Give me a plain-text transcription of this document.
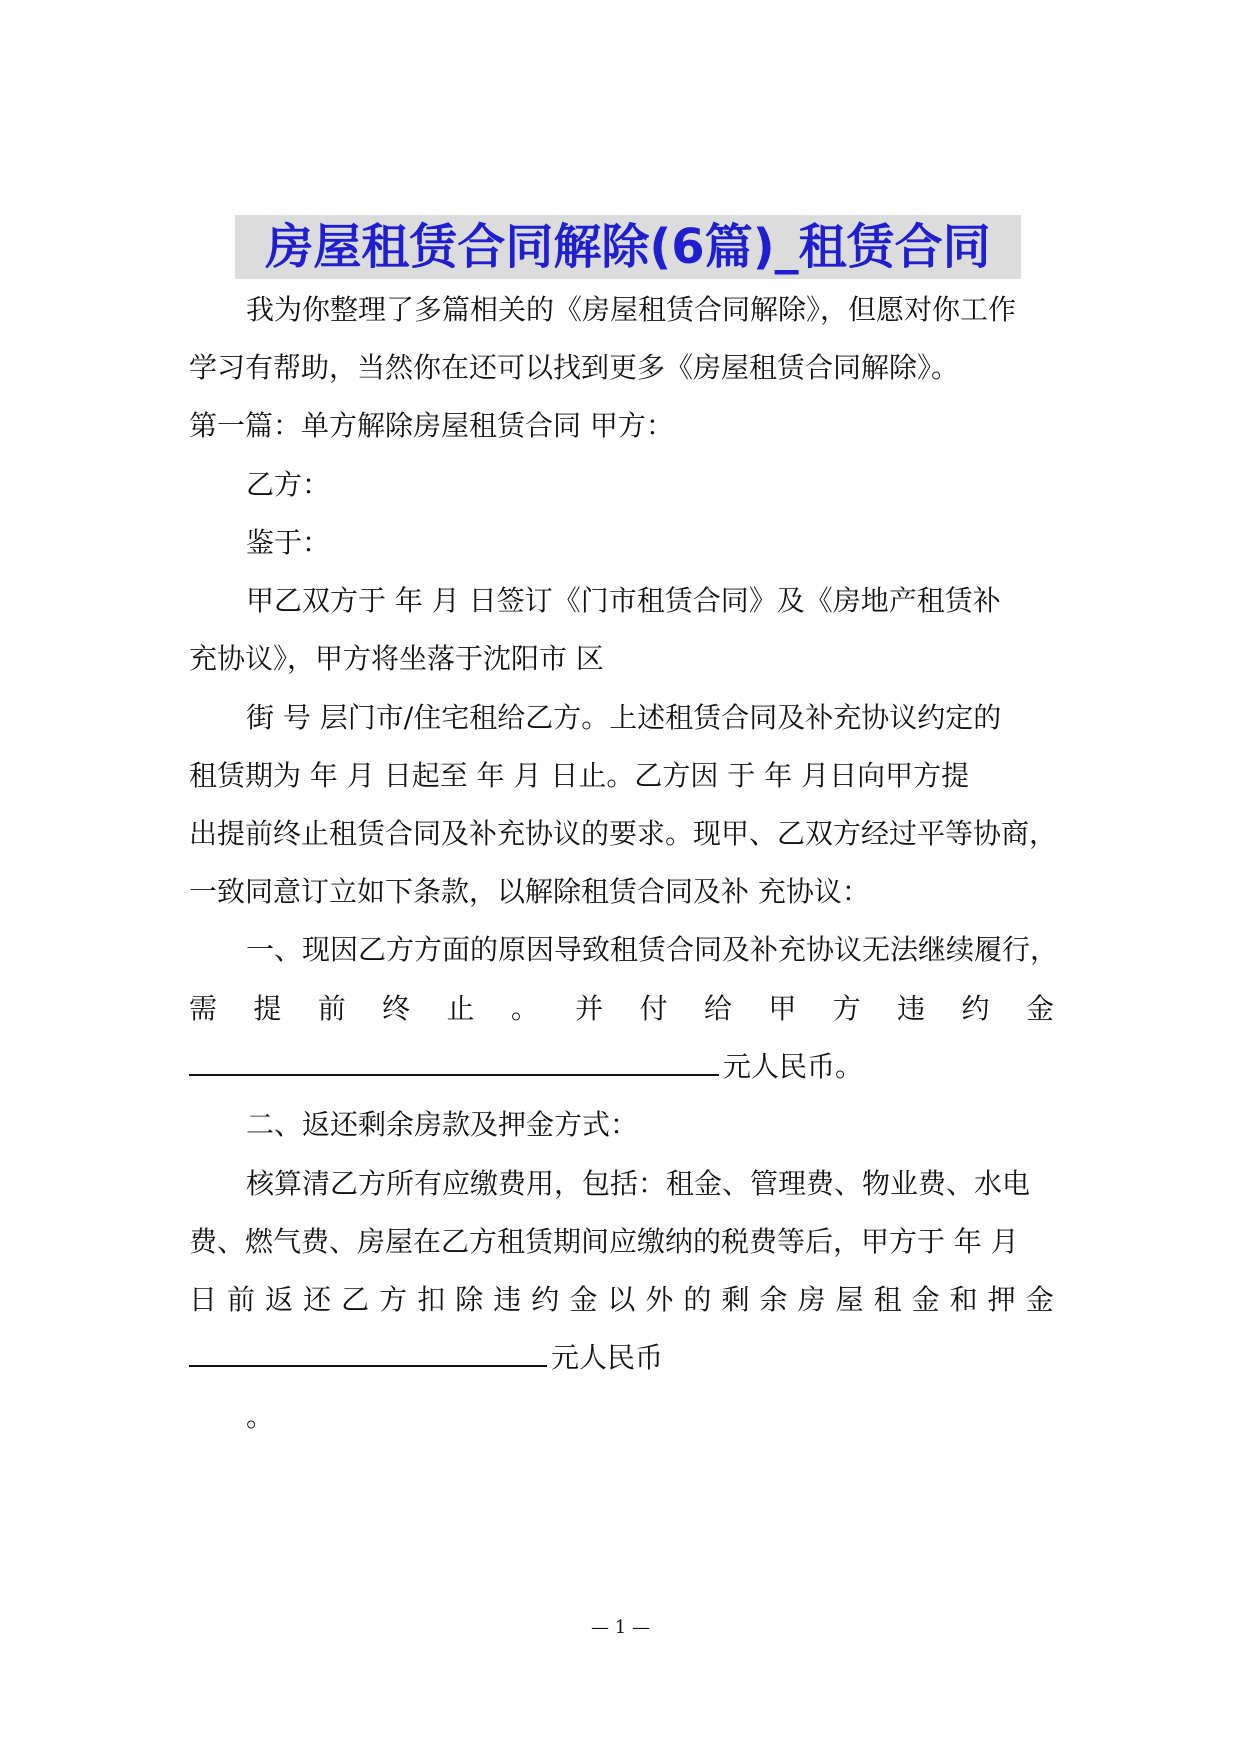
房屋租赁合同解除(6篇)_租赁合同
我为你整理了多篇相关的《房屋租赁合同解除》，但愿对你工作
学习有帮助，当然你在还可以找到更多《房屋租赁合同解除》。
第一篇：单方解除房屋租赁合同 甲方：
乙方：
鉴于：
甲乙双方于 年 月 日签订《门市租赁合同》及《房地产租赁补
充协议》，甲方将坐落于沈阳市 区
街 号 层门市/住宅租给乙方。上述租赁合同及补充协议约定的
租赁期为 年 月 日起至 年 月 日止。乙方因 于 年 月日向甲方提
出提前终止租赁合同及补充协议的要求。现甲、乙双方经过平等协商，
一致同意订立如下条款，以解除租赁合同及补 充协议：
一、现因乙方方面的原因导致租赁合同及补充协议无法继续履行，
需 提 前 终 止 。 并 付 给 甲 方 违 约 金
元人民币。
二、返还剩余房款及押金方式：
核算清乙方所有应缴费用，包括：租金、管理费、物业费、水电
费、燃气费、房屋在乙方租赁期间应缴纳的税费等后，甲方于 年 月
日 前 返 还 乙 方 扣 除 违 约 金 以 外 的 剩 余 房 屋 租 金 和 押 金
元人民币
。
— 1 —
